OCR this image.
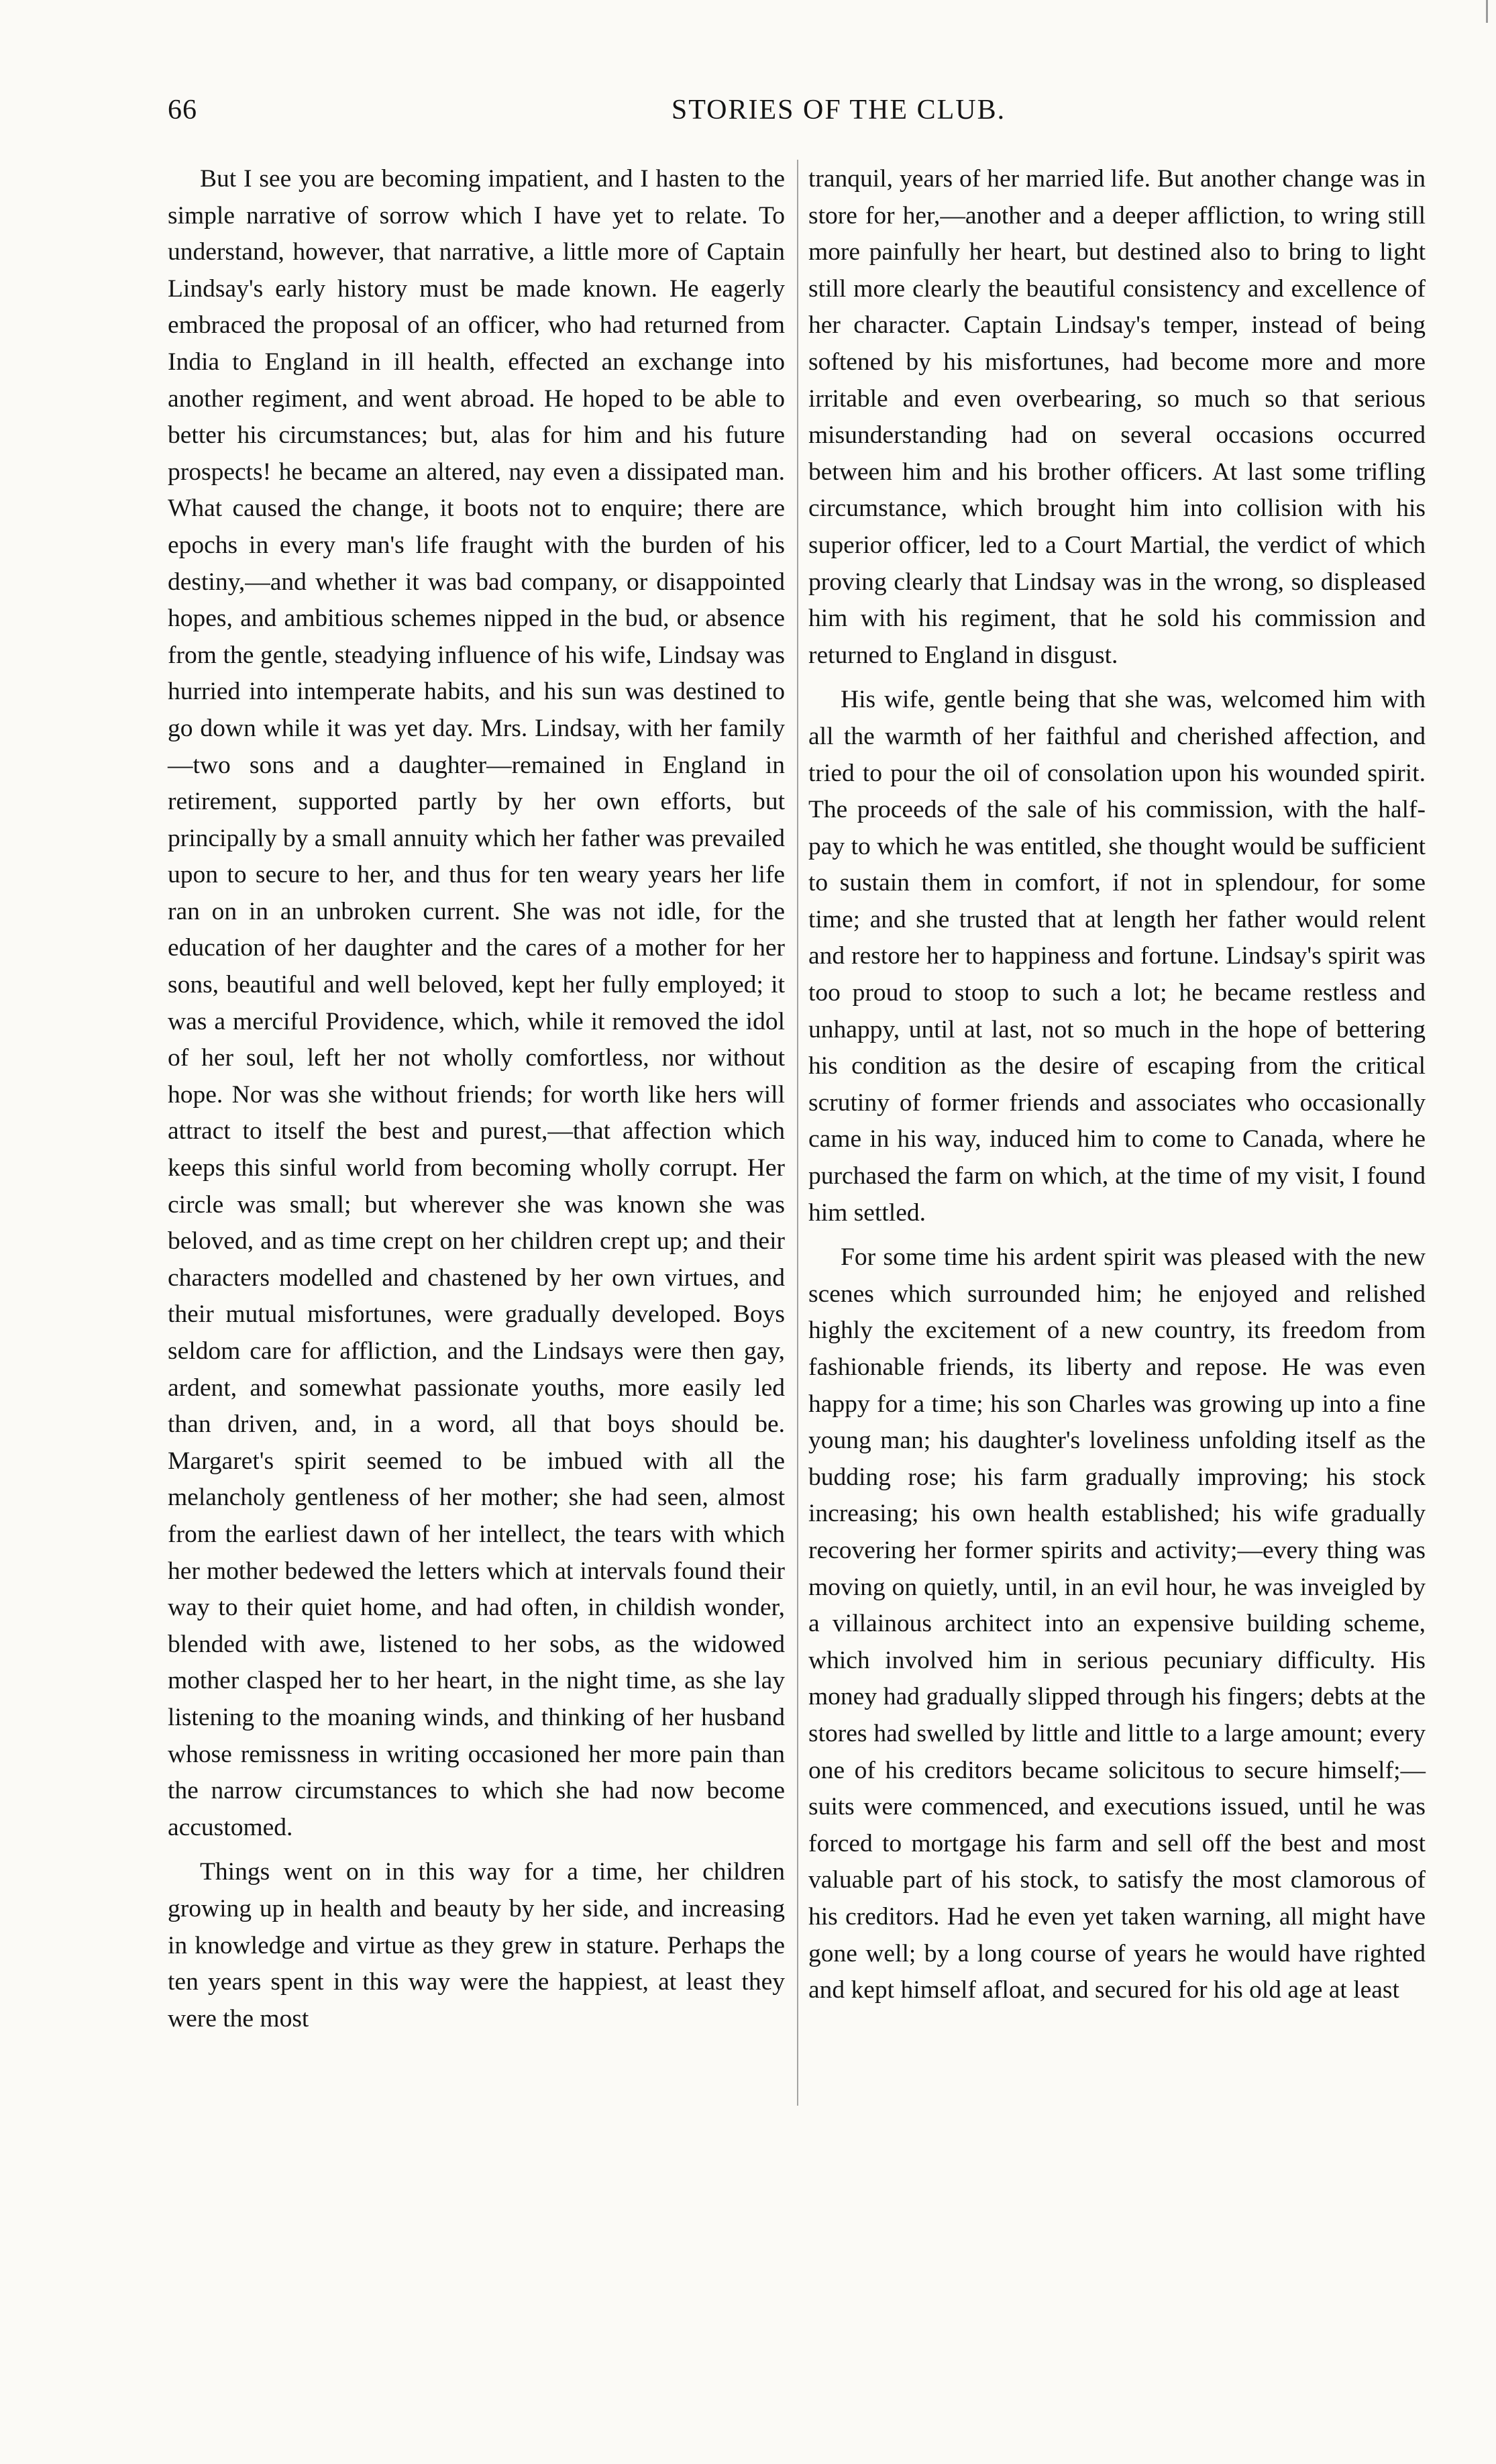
66	STORIES OF THE CLUB.

But I see you are becoming impatient, and I hasten to the simple narrative of sorrow which I have yet to relate. To understand, however, that narrative, a little more of Captain Lindsay's early history must be made known. He eagerly embraced the proposal of an officer, who had returned from India to England in ill health, effected an exchange into another regiment, and went abroad. He hoped to be able to better his circumstances; but, alas for him and his future prospects! he became an altered, nay even a dissipated man. What caused the change, it boots not to enquire; there are epochs in every man's life fraught with the burden of his destiny,—and whether it was bad company, or disappointed hopes, and ambitious schemes nipped in the bud, or absence from the gentle, steadying influence of his wife, Lindsay was hurried into intemperate habits, and his sun was destined to go down while it was yet day. Mrs. Lindsay, with her family—two sons and a daughter—remained in England in retirement, supported partly by her own efforts, but principally by a small annuity which her father was prevailed upon to secure to her, and thus for ten weary years her life ran on in an unbroken current. She was not idle, for the education of her daughter and the cares of a mother for her sons, beautiful and well beloved, kept her fully employed; it was a merciful Providence, which, while it removed the idol of her soul, left her not wholly comfortless, nor without hope. Nor was she without friends; for worth like hers will attract to itself the best and purest,—that affection which keeps this sinful world from becoming wholly corrupt. Her circle was small; but wherever she was known she was beloved, and as time crept on her children crept up; and their characters modelled and chastened by her own virtues, and their mutual misfortunes, were gradually developed. Boys seldom care for affliction, and the Lindsays were then gay, ardent, and somewhat passionate youths, more easily led than driven, and, in a word, all that boys should be. Margaret's spirit seemed to be imbued with all the melancholy gentleness of her mother; she had seen, almost from the earliest dawn of her intellect, the tears with which her mother bedewed the letters which at intervals found their way to their quiet home, and had often, in childish wonder, blended with awe, listened to her sobs, as the widowed mother clasped her to her heart, in the night time, as she lay listening to the moaning winds, and thinking of her husband whose remissness in writing occasioned her more pain than the narrow circumstances to which she had now become accustomed.

Things went on in this way for a time, her children growing up in health and beauty by her side, and increasing in knowledge and virtue as they grew in stature. Perhaps the ten years spent in this way were the happiest, at least they were the most

tranquil, years of her married life. But another change was in store for her,—another and a deeper affliction, to wring still more painfully her heart, but destined also to bring to light still more clearly the beautiful consistency and excellence of her character. Captain Lindsay's temper, instead of being softened by his misfortunes, had become more and more irritable and even overbearing, so much so that serious misunderstanding had on several occasions occurred between him and his brother officers. At last some trifling circumstance, which brought him into collision with his superior officer, led to a Court Martial, the verdict of which proving clearly that Lindsay was in the wrong, so displeased him with his regiment, that he sold his commission and returned to England in disgust.

His wife, gentle being that she was, welcomed him with all the warmth of her faithful and cherished affection, and tried to pour the oil of consolation upon his wounded spirit. The proceeds of the sale of his commission, with the half-pay to which he was entitled, she thought would be sufficient to sustain them in comfort, if not in splendour, for some time; and she trusted that at length her father would relent and restore her to happiness and fortune. Lindsay's spirit was too proud to stoop to such a lot; he became restless and unhappy, until at last, not so much in the hope of bettering his condition as the desire of escaping from the critical scrutiny of former friends and associates who occasionally came in his way, induced him to come to Canada, where he purchased the farm on which, at the time of my visit, I found him settled.

For some time his ardent spirit was pleased with the new scenes which surrounded him; he enjoyed and relished highly the excitement of a new country, its freedom from fashionable friends, its liberty and repose. He was even happy for a time; his son Charles was growing up into a fine young man; his daughter's loveliness unfolding itself as the budding rose; his farm gradually improving; his stock increasing; his own health established; his wife gradually recovering her former spirits and activity;—every thing was moving on quietly, until, in an evil hour, he was inveigled by a villainous architect into an expensive building scheme, which involved him in serious pecuniary difficulty. His money had gradually slipped through his fingers; debts at the stores had swelled by little and little to a large amount; every one of his creditors became solicitous to secure himself;—suits were commenced, and executions issued, until he was forced to mortgage his farm and sell off the best and most valuable part of his stock, to satisfy the most clamorous of his creditors. Had he even yet taken warning, all might have gone well; by a long course of years he would have righted and kept himself afloat, and secured for his old age at least
